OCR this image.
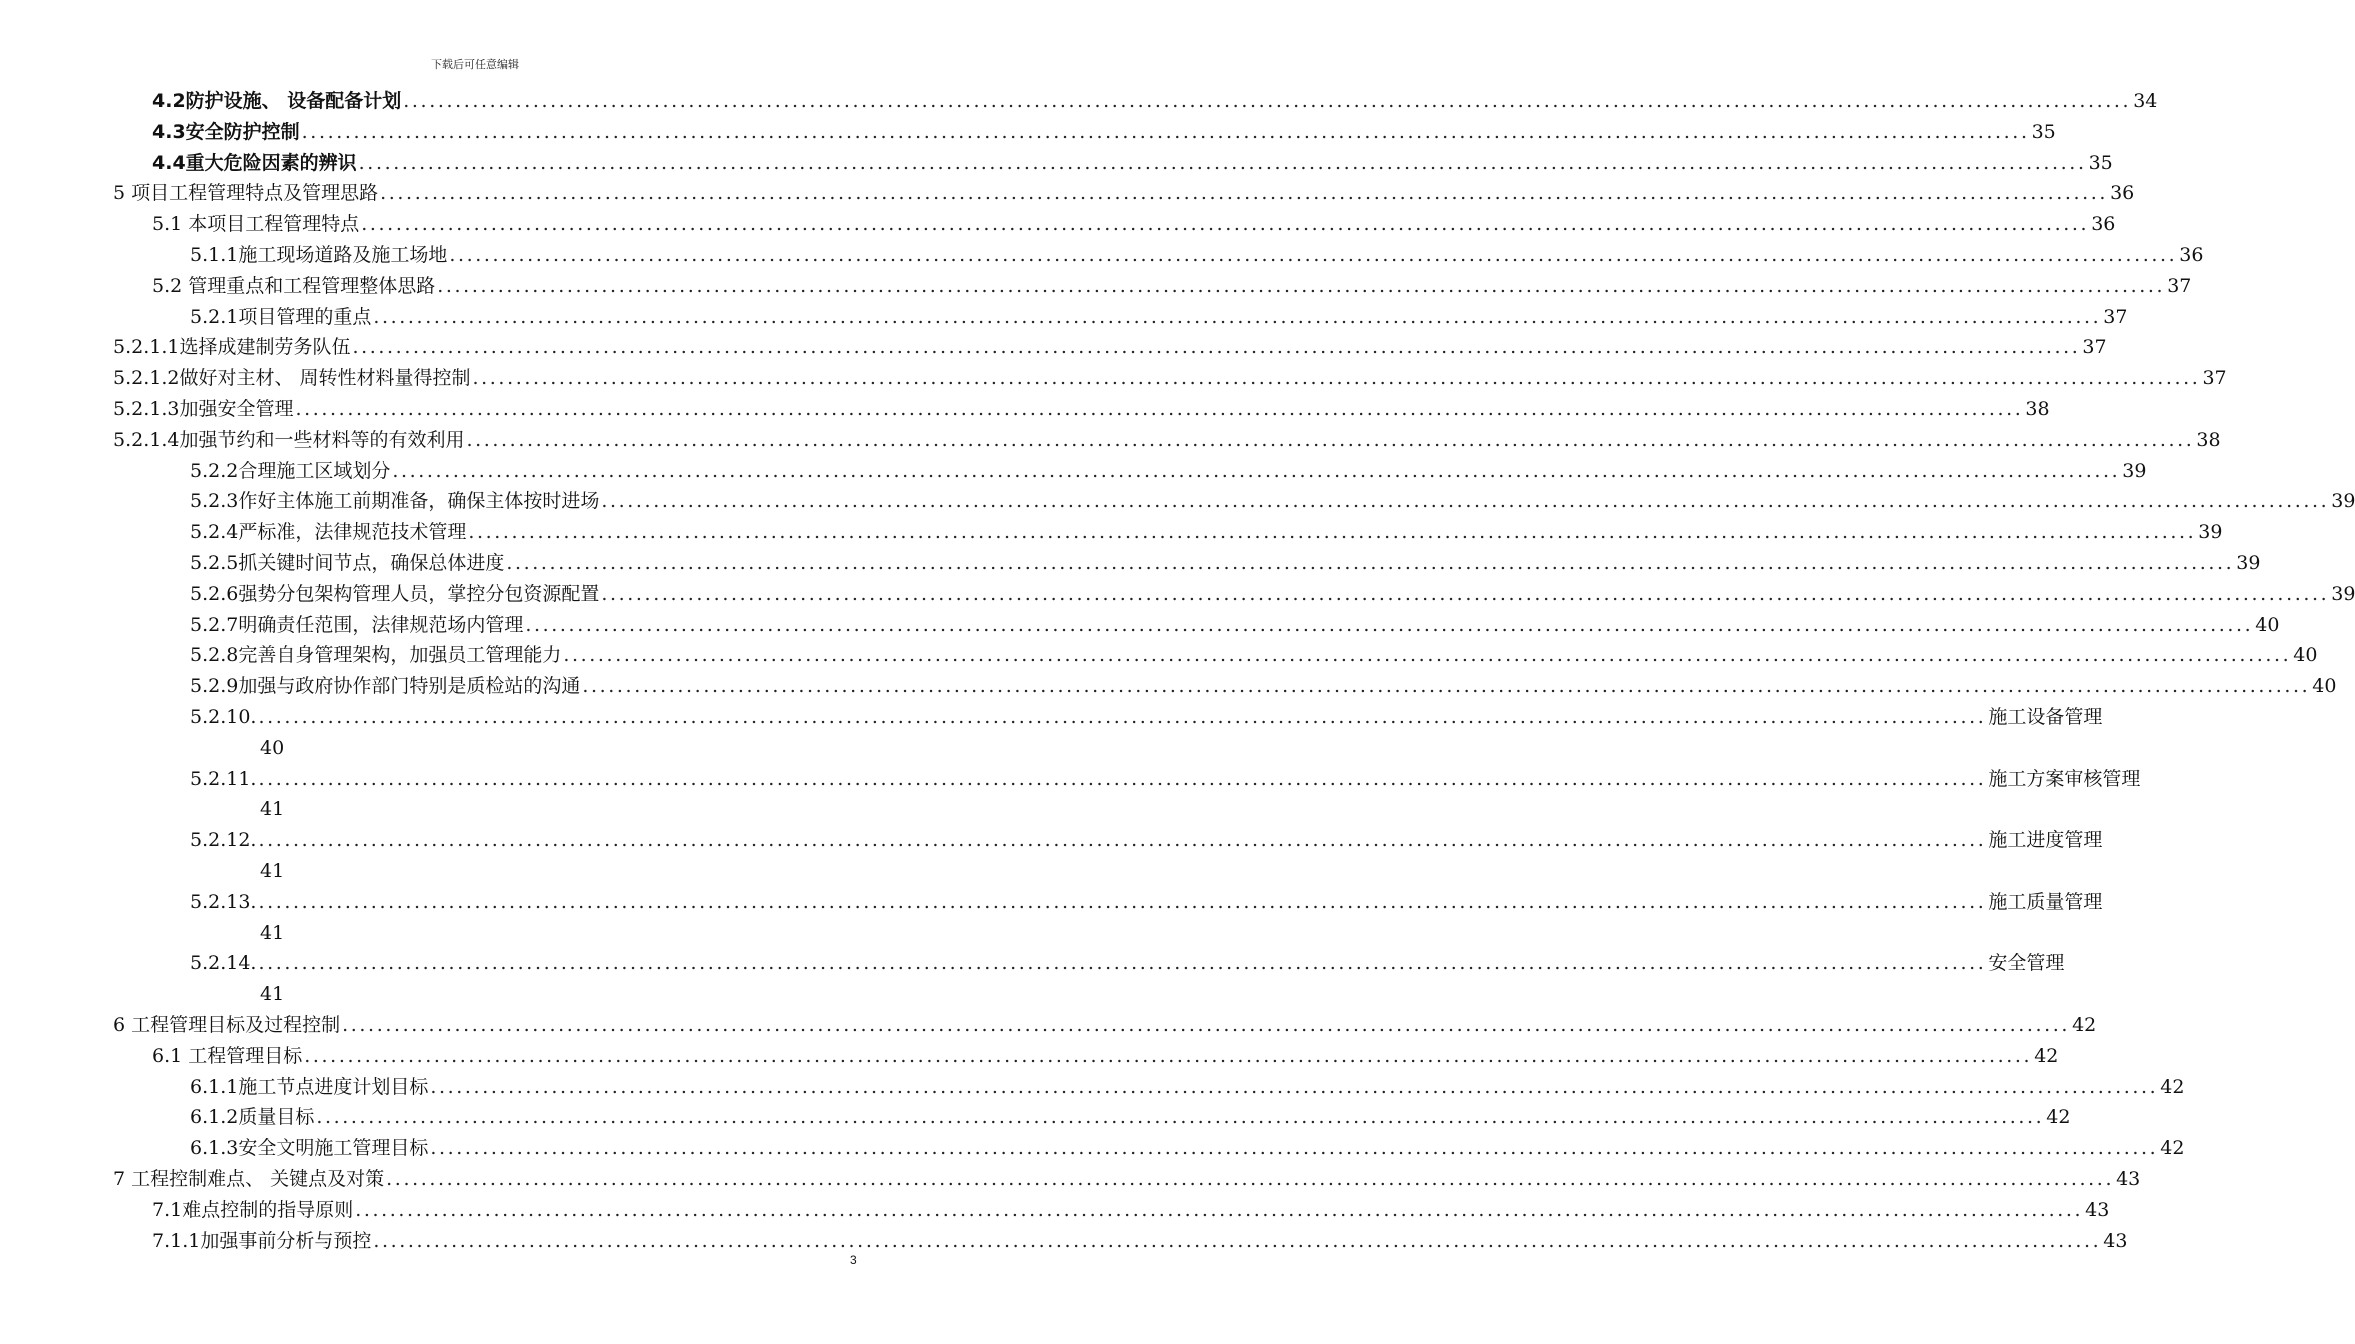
下载后可任意编辑
4.2防护设施、 设备配备计划 ........................................................................................................................................................................................................ 34
4.3安全防护控制 ........................................................................................................................................................................................................ 35
4.4重大危险因素的辨识 ........................................................................................................................................................................................................ 35
5 项目工程管理特点及管理思路 ........................................................................................................................................................................................................ 36
5.1 本项目工程管理特点 ........................................................................................................................................................................................................ 36
5.1.1施工现场道路及施工场地 ........................................................................................................................................................................................................ 36
5.2 管理重点和工程管理整体思路 ........................................................................................................................................................................................................ 37
5.2.1项目管理的重点 ........................................................................................................................................................................................................ 37
5.2.1.1选择成建制劳务队伍 ........................................................................................................................................................................................................ 37
5.2.1.2做好对主材、 周转性材料量得控制 ........................................................................................................................................................................................................ 37
5.2.1.3加强安全管理 ........................................................................................................................................................................................................ 38
5.2.1.4加强节约和一些材料等的有效利用 ........................................................................................................................................................................................................ 38
5.2.2合理施工区域划分 ........................................................................................................................................................................................................ 39
5.2.3作好主体施工前期准备，确保主体按时进场 ........................................................................................................................................................................................................ 39
5.2.4严标准，法律规范技术管理 ........................................................................................................................................................................................................ 39
5.2.5抓关键时间节点，确保总体进度 ........................................................................................................................................................................................................ 39
5.2.6强势分包架构管理人员，掌控分包资源配置 ........................................................................................................................................................................................................ 39
5.2.7明确责任范围，法律规范场内管理 ........................................................................................................................................................................................................ 40
5.2.8完善自身管理架构，加强员工管理能力 ........................................................................................................................................................................................................ 40
5.2.9加强与政府协作部门特别是质检站的沟通 ........................................................................................................................................................................................................ 40
5.2.10. ........................................................................................................................................................................................................ 施工设备管理
40
5.2.11. ........................................................................................................................................................................................................ 施工方案审核管理
41
5.2.12. ........................................................................................................................................................................................................ 施工进度管理
41
5.2.13. ........................................................................................................................................................................................................ 施工质量管理
41
5.2.14. ........................................................................................................................................................................................................ 安全管理
41
6 工程管理目标及过程控制 ........................................................................................................................................................................................................ 42
6.1 工程管理目标 ........................................................................................................................................................................................................ 42
6.1.1施工节点进度计划目标 ........................................................................................................................................................................................................ 42
6.1.2质量目标 ........................................................................................................................................................................................................ 42
6.1.3安全文明施工管理目标 ........................................................................................................................................................................................................ 42
7 工程控制难点、 关键点及对策 ........................................................................................................................................................................................................ 43
7.1难点控制的指导原则 ........................................................................................................................................................................................................ 43
7.1.1加强事前分析与预控 ........................................................................................................................................................................................................ 43
3
